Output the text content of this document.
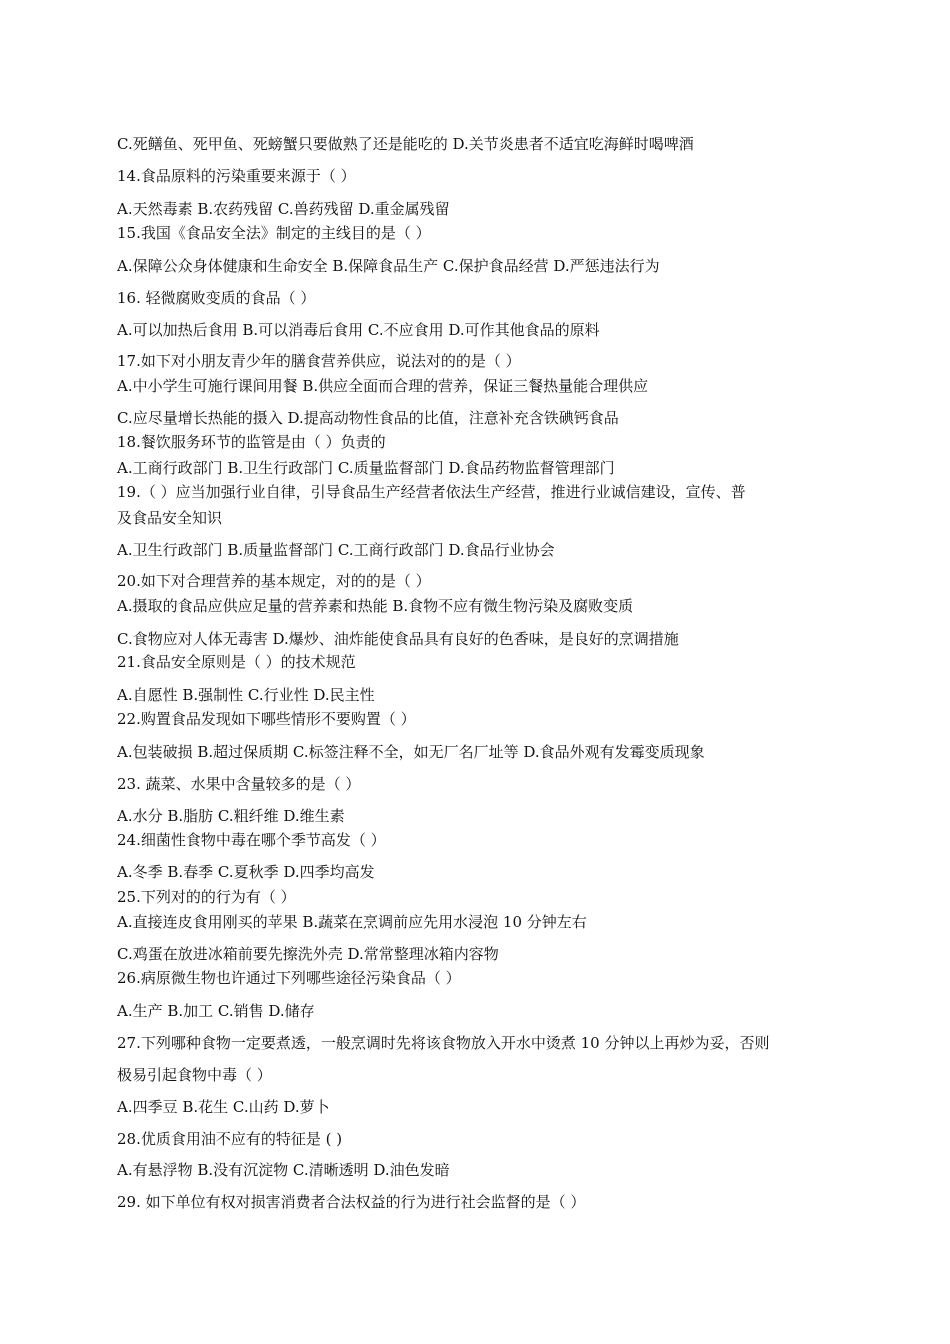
C.死鳝鱼、死甲鱼、死螃蟹只要做熟了还是能吃的 D.关节炎患者不适宜吃海鲜时喝啤酒
14.食品原料的污染重要来源于（ ）
A.天然毒素 B.农药残留 C.兽药残留 D.重金属残留
15.我国《食品安全法》制定的主线目的是（ ）
A.保障公众身体健康和生命安全 B.保障食品生产 C.保护食品经营 D.严惩违法行为
16. 轻微腐败变质的食品（ ）
A.可以加热后食用 B.可以消毒后食用 C.不应食用 D.可作其他食品的原料
17.如下对小朋友青少年的膳食营养供应，说法对的的是（ ）
A.中小学生可施行课间用餐 B.供应全面而合理的营养，保证三餐热量能合理供应
C.应尽量增长热能的摄入 D.提高动物性食品的比值，注意补充含铁碘钙食品
18.餐饮服务环节的监管是由（ ）负责的
A.工商行政部门 B.卫生行政部门 C.质量监督部门 D.食品药物监督管理部门
19.（ ）应当加强行业自律，引导食品生产经营者依法生产经营，推进行业诚信建设，宣传、普
及食品安全知识
A.卫生行政部门 B.质量监督部门 C.工商行政部门 D.食品行业协会
20.如下对合理营养的基本规定，对的的是（ ）
A.摄取的食品应供应足量的营养素和热能 B.食物不应有微生物污染及腐败变质
C.食物应对人体无毒害 D.爆炒、油炸能使食品具有良好的色香味，是良好的烹调措施
21.食品安全原则是（ ）的技术规范
A.自愿性 B.强制性 C.行业性 D.民主性
22.购置食品发现如下哪些情形不要购置（ ）
A.包装破损 B.超过保质期 C.标签注释不全，如无厂名厂址等 D.食品外观有发霉变质现象
23. 蔬菜、水果中含量较多的是（ ）
A.水分 B.脂肪 C.粗纤维 D.维生素
24.细菌性食物中毒在哪个季节高发（ ）
A.冬季 B.春季 C.夏秋季 D.四季均高发
25.下列对的的行为有（ ）
A.直接连皮食用刚买的苹果 B.蔬菜在烹调前应先用水浸泡 10 分钟左右
C.鸡蛋在放进冰箱前要先擦洗外壳 D.常常整理冰箱内容物
26.病原微生物也许通过下列哪些途径污染食品（ ）
A.生产 B.加工 C.销售 D.储存
27.下列哪种食物一定要煮透，一般烹调时先将该食物放入开水中烫煮 10 分钟以上再炒为妥，否则
极易引起食物中毒（ ）
A.四季豆 B.花生 C.山药 D.萝卜
28.优质食用油不应有的特征是 ( )
A.有悬浮物 B.没有沉淀物 C.清晰透明 D.油色发暗
29. 如下单位有权对损害消费者合法权益的行为进行社会监督的是（ ）
